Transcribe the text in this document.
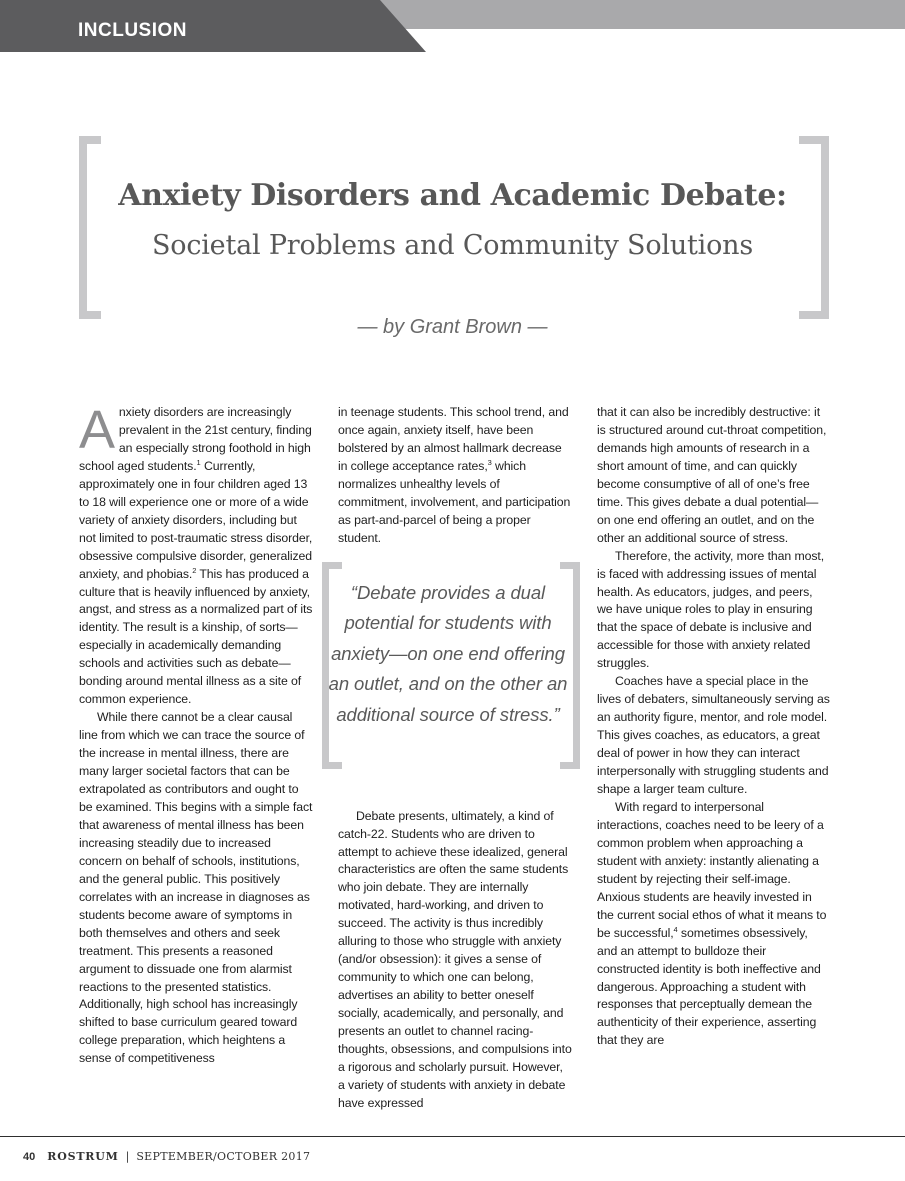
INCLUSION
Anxiety Disorders and Academic Debate:
Societal Problems and Community Solutions

— by Grant Brown —

Anxiety disorders are increasingly prevalent in the 21st century, finding an especially strong foothold in high school aged students.$^1$ Currently, approximately one in four children aged 13 to 18 will experience one or more of a wide variety of anxiety disorders, including but not limited to post-traumatic stress disorder, obsessive compulsive disorder, generalized anxiety, and phobias.$^2$ This has produced a culture that is heavily influenced by anxiety, angst, and stress as a normalized part of its identity. The result is a kinship, of sorts—especially in academically demanding schools and activities such as debate—bonding around mental illness as a site of common experience.

While there cannot be a clear causal line from which we can trace the source of the increase in mental illness, there are many larger societal factors that can be extrapolated as contributors and ought to be examined. This begins with a simple fact that awareness of mental illness has been increasing steadily due to increased concern on behalf of schools, institutions, and the general public. This positively correlates with an increase in diagnoses as students become aware of symptoms in both themselves and others and seek treatment. This presents a reasoned argument to dissuade one from alarmist reactions to the presented statistics. Additionally, high school has increasingly shifted to base curriculum geared toward college preparation, which heightens a sense of competitiveness

in teenage students. This school trend, and once again, anxiety itself, have been bolstered by an almost hallmark decrease in college acceptance rates,$^3$ which normalizes unhealthy levels of commitment, involvement, and participation as part-and-parcel of being a proper student.

“Debate provides a dual potential for students with anxiety—on one end offering an outlet, and on the other an additional source of stress.”

Debate presents, ultimately, a kind of catch-22. Students who are driven to attempt to achieve these idealized, general characteristics are often the same students who join debate. They are internally motivated, hard-working, and driven to succeed. The activity is thus incredibly alluring to those who struggle with anxiety (and/or obsession): it gives a sense of community to which one can belong, advertises an ability to better oneself socially, academically, and personally, and presents an outlet to channel racing-thoughts, obsessions, and compulsions into a rigorous and scholarly pursuit. However, a variety of students with anxiety in debate have expressed

that it can also be incredibly destructive: it is structured around cut-throat competition, demands high amounts of research in a short amount of time, and can quickly become consumptive of all of one’s free time. This gives debate a dual potential—on one end offering an outlet, and on the other an additional source of stress.

Therefore, the activity, more than most, is faced with addressing issues of mental health. As educators, judges, and peers, we have unique roles to play in ensuring that the space of debate is inclusive and accessible for those with anxiety related struggles.

Coaches have a special place in the lives of debaters, simultaneously serving as an authority figure, mentor, and role model. This gives coaches, as educators, a great deal of power in how they can interact interpersonally with struggling students and shape a larger team culture.

With regard to interpersonal interactions, coaches need to be leery of a common problem when approaching a student with anxiety: instantly alienating a student by rejecting their self-image. Anxious students are heavily invested in the current social ethos of what it means to be successful,$^4$ sometimes obsessively, and an attempt to bulldoze their constructed identity is both ineffective and dangerous. Approaching a student with responses that perceptually demean the authenticity of their experience, asserting that they are

40 ROSTRUM | SEPTEMBER/OCTOBER 2017
